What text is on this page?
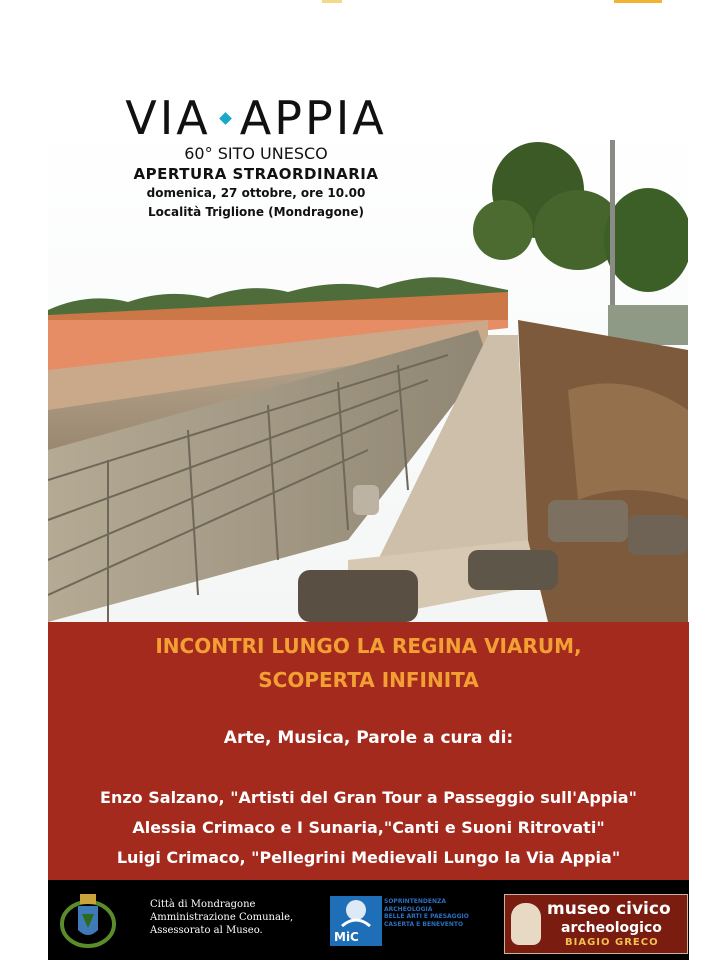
VIA APPIA
60° SITO UNESCO
APERTURA STRAORDINARIA
domenica, 27 ottobre, ore 10.00
Località Triglione (Mondragone)
INCONTRI LUNGO LA REGINA VIARUM,
SCOPERTA INFINITA
Arte, Musica, Parole a cura di:
Enzo Salzano, "Artisti del Gran Tour a Passeggio sull'Appia"
Alessia Crimaco e I Sunaria,"Canti e Suoni Ritrovati"
Luigi Crimaco, "Pellegrini Medievali Lungo la Via Appia"
Città di Mondragone
Amministrazione Comunale,
Assessorato al Museo.	MiC
SOPRINTENDENZA
ARCHEOLOGIA
BELLE ARTI E PAESAGGIO
CASERTA E BENEVENTO
museo civico
archeologico
BIAGIO GRECO
